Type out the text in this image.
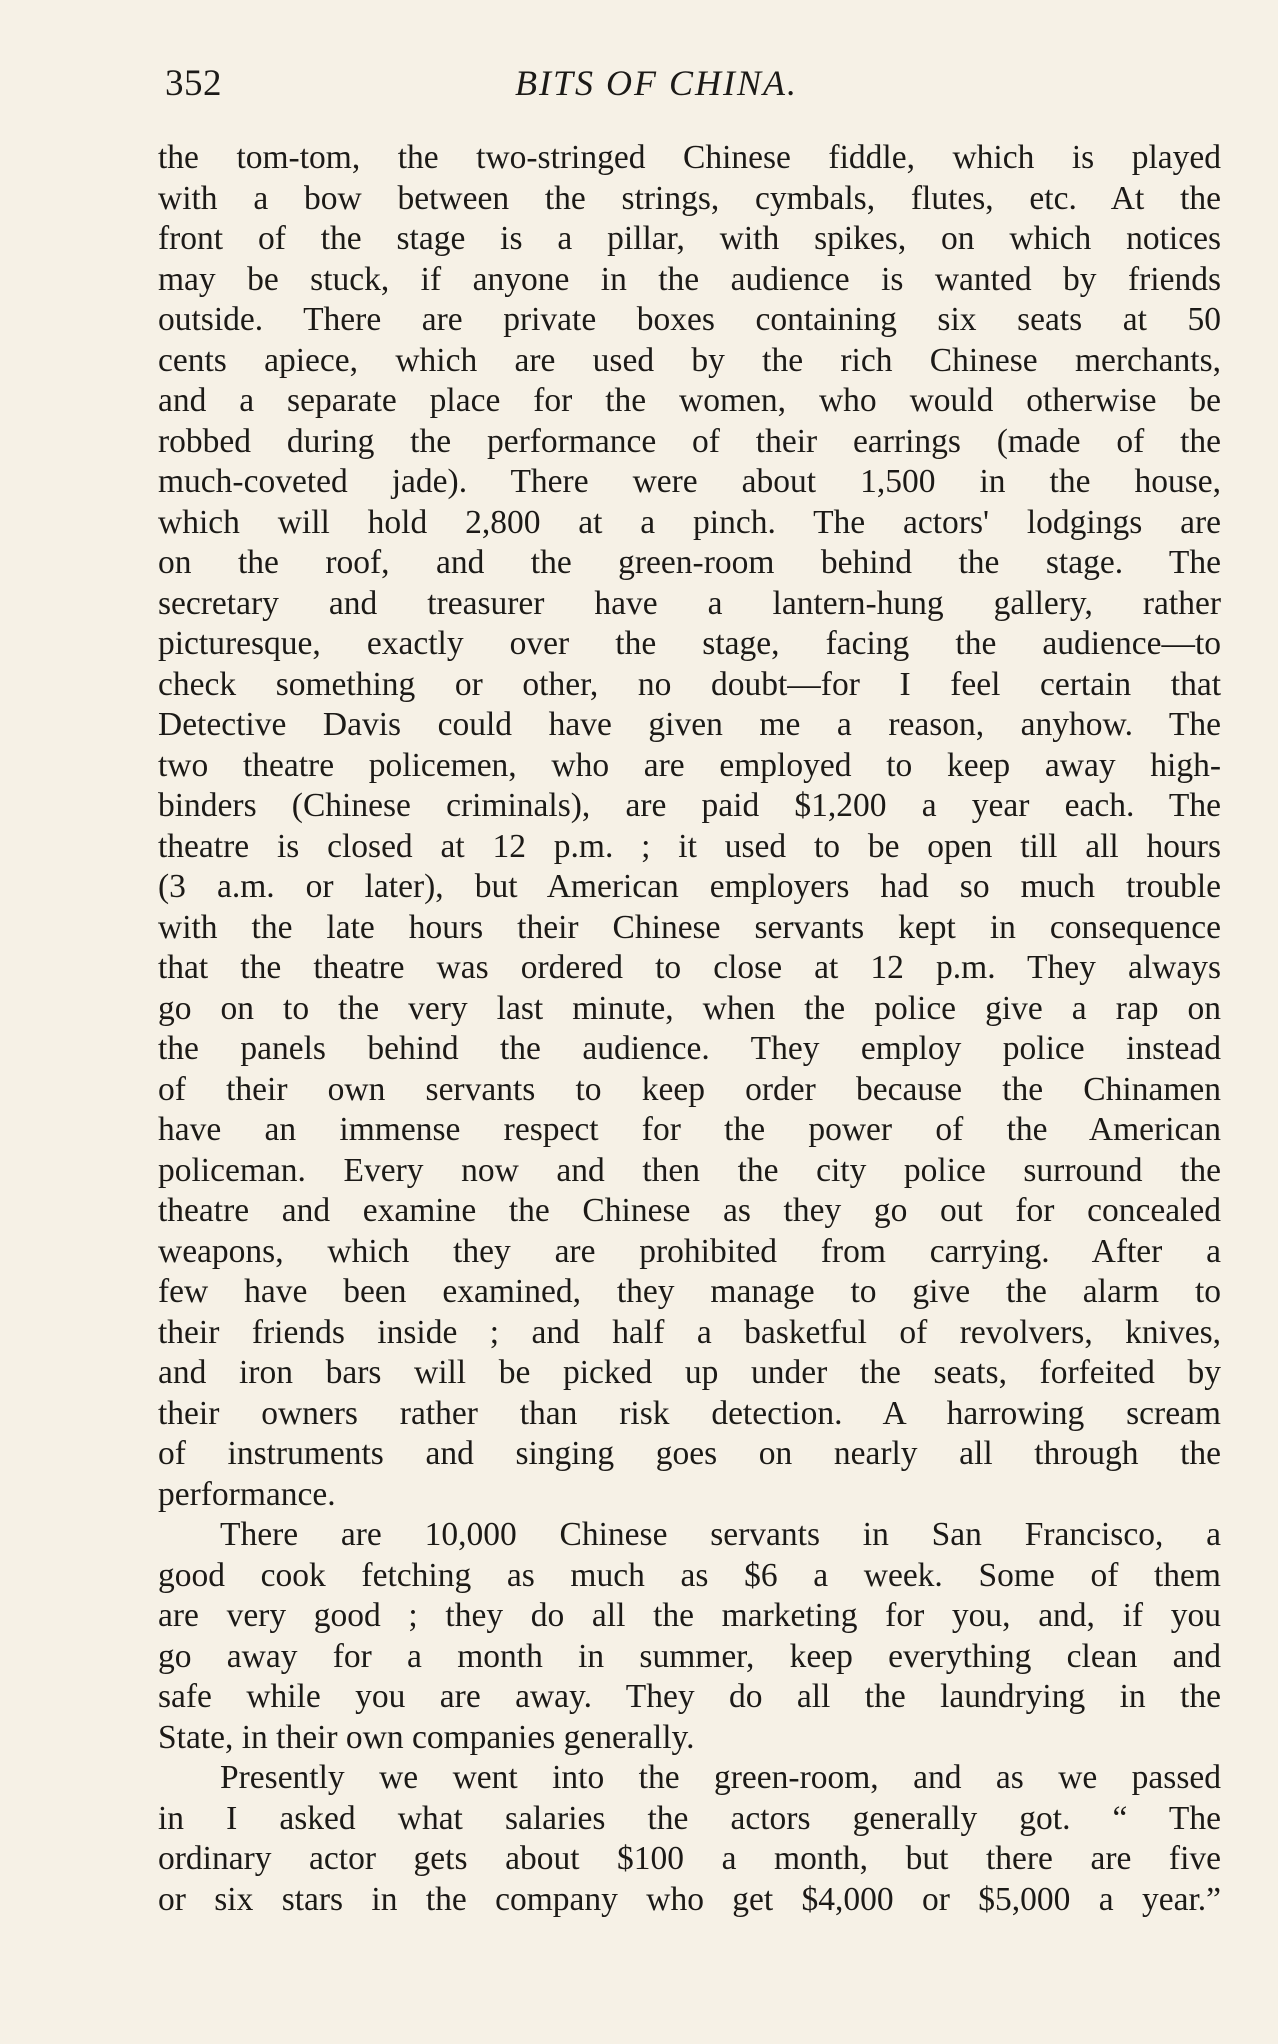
352	BITS OF CHINA.
the tom-tom, the two-stringed Chinese fiddle, which is played
with a bow between the strings, cymbals, flutes, etc. At the
front of the stage is a pillar, with spikes, on which notices
may be stuck, if anyone in the audience is wanted by friends
outside. There are private boxes containing six seats at 50
cents apiece, which are used by the rich Chinese merchants,
and a separate place for the women, who would otherwise be
robbed during the performance of their earrings (made of the
much-coveted jade). There were about 1,500 in the house,
which will hold 2,800 at a pinch. The actors' lodgings are
on the roof, and the green-room behind the stage. The
secretary and treasurer have a lantern-hung gallery, rather
picturesque, exactly over the stage, facing the audience—to
check something or other, no doubt—for I feel certain that
Detective Davis could have given me a reason, anyhow. The
two theatre policemen, who are employed to keep away high-
binders (Chinese criminals), are paid $1,200 a year each. The
theatre is closed at 12 p.m. ; it used to be open till all hours
(3 a.m. or later), but American employers had so much trouble
with the late hours their Chinese servants kept in consequence
that the theatre was ordered to close at 12 p.m. They always
go on to the very last minute, when the police give a rap on
the panels behind the audience. They employ police instead
of their own servants to keep order because the Chinamen
have an immense respect for the power of the American
policeman. Every now and then the city police surround the
theatre and examine the Chinese as they go out for concealed
weapons, which they are prohibited from carrying. After a
few have been examined, they manage to give the alarm to
their friends inside ; and half a basketful of revolvers, knives,
and iron bars will be picked up under the seats, forfeited by
their owners rather than risk detection. A harrowing scream
of instruments and singing goes on nearly all through the
performance.
There are 10,000 Chinese servants in San Francisco, a
good cook fetching as much as $6 a week. Some of them
are very good ; they do all the marketing for you, and, if you
go away for a month in summer, keep everything clean and
safe while you are away. They do all the laundrying in the
State, in their own companies generally.
Presently we went into the green-room, and as we passed
in I asked what salaries the actors generally got. “ The
ordinary actor gets about $100 a month, but there are five
or six stars in the company who get $4,000 or $5,000 a year.”
